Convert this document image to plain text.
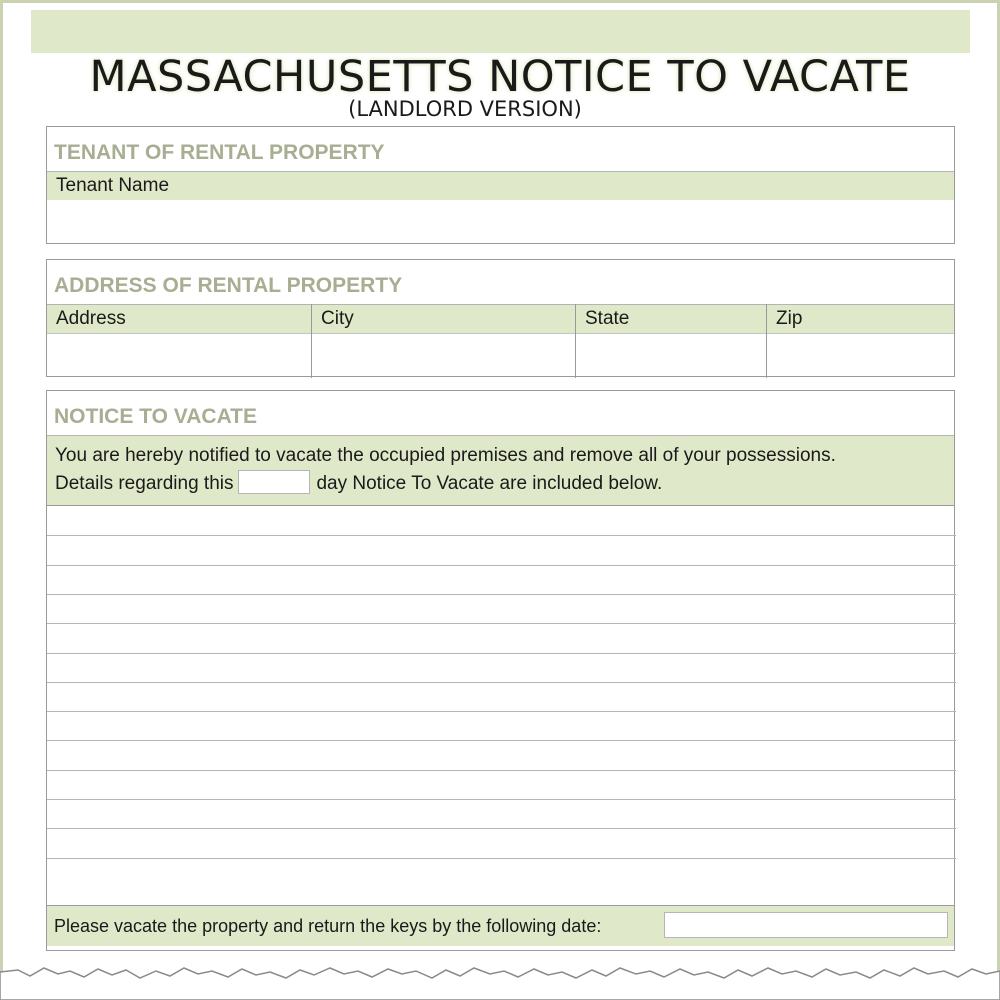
MASSACHUSETTS NOTICE TO VACATE
(LANDLORD VERSION)
TENANT OF RENTAL PROPERTY
Tenant Name
ADDRESS OF RENTAL PROPERTY
Address	City	State	Zip
NOTICE TO VACATE
You are hereby notified to vacate the occupied premises and remove all of your possessions.
Details regarding this	day Notice To Vacate are included below.
Please vacate the property and return the keys by the following date:
